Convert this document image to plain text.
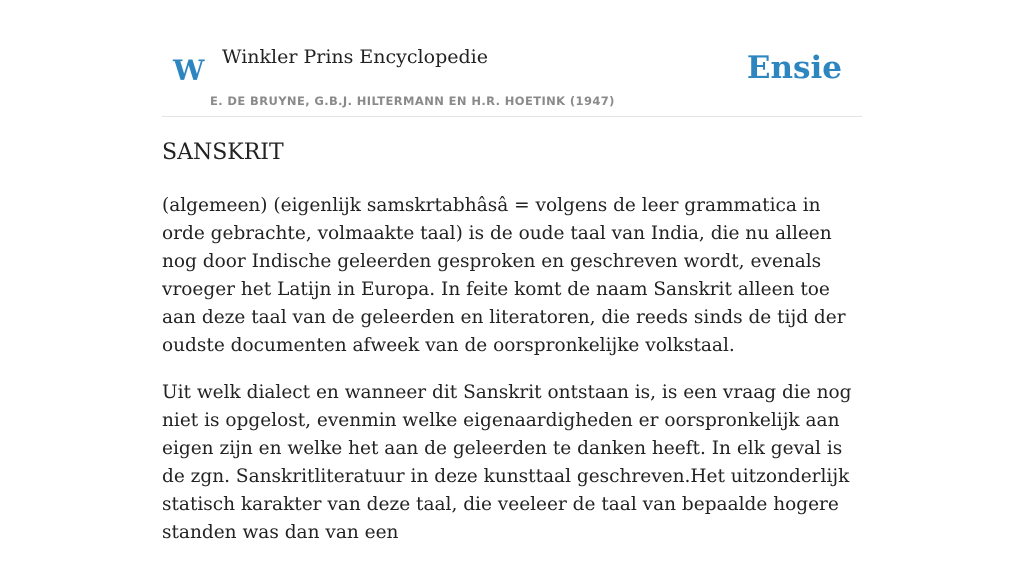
W Winkler Prins Encyclopedie
E. DE BRUYNE, G.B.J. HILTERMANN EN H.R. HOETINK (1947)
Ensie
SANSKRIT

(algemeen) (eigenlijk samskrtabhâsâ = volgens de leer grammatica in orde gebrachte, volmaakte taal) is de oude taal van India, die nu alleen nog door Indische geleerden gesproken en geschreven wordt, evenals vroeger het Latijn in Europa. In feite komt de naam Sanskrit alleen toe aan deze taal van de geleerden en literatoren, die reeds sinds de tijd der oudste documenten afweek van de oorspronkelijke volkstaal.

Uit welk dialect en wanneer dit Sanskrit ontstaan is, is een vraag die nog niet is opgelost, evenmin welke eigenaardigheden er oorspronkelijk aan eigen zijn en welke het aan de geleerden te danken heeft. In elk geval is de zgn. Sanskritliteratuur in deze kunsttaal geschreven.Het uitzonderlijk statisch karakter van deze taal, die veeleer de taal van bepaalde hogere standen was dan van een
